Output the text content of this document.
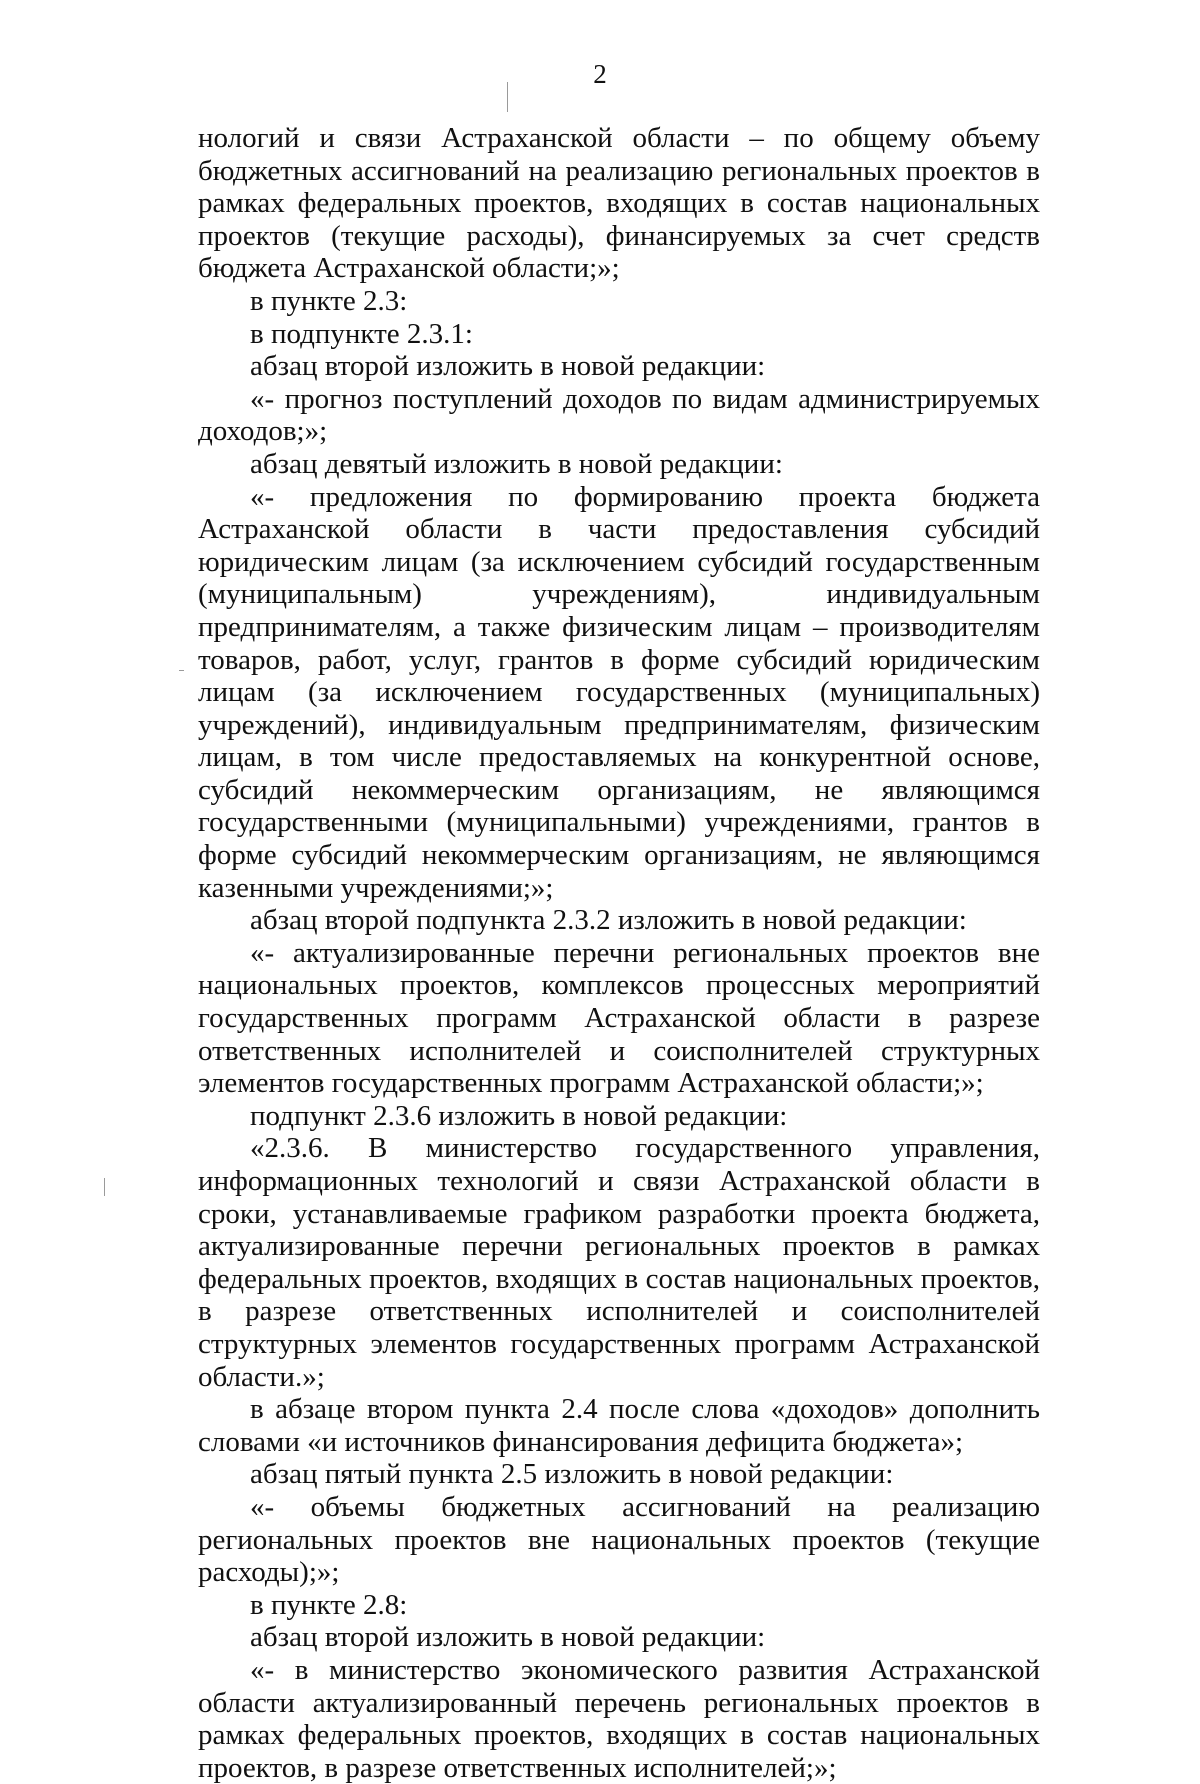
2

нологий и связи Астраханской области – по общему объему бюджетных ассигнований на реализацию региональных проектов в рамках федеральных проектов, входящих в состав национальных проектов (текущие расходы), финансируемых за счет средств бюджета Астраханской области;»;

в пункте 2.3:

в подпункте 2.3.1:

абзац второй изложить в новой редакции:

«- прогноз поступлений доходов по видам администрируемых доходов;»;

абзац девятый изложить в новой редакции:

«- предложения по формированию проекта бюджета Астраханской области в части предоставления субсидий юридическим лицам (за исключением субсидий государственным (муниципальным) учреждениям), индивидуальным предпринимателям, а также физическим лицам – производителям товаров, работ, услуг, грантов в форме субсидий юридическим лицам (за исключением государственных (муниципальных) учреждений), индивидуальным предпринимателям, физическим лицам, в том числе предоставляемых на конкурентной основе, субсидий некоммерческим организациям, не являющимся государственными (муниципальными) учреждениями, грантов в форме субсидий некоммерческим организациям, не являющимся казенными учреждениями;»;

абзац второй подпункта 2.3.2 изложить в новой редакции:

«- актуализированные перечни региональных проектов вне национальных проектов, комплексов процессных мероприятий государственных программ Астраханской области в разрезе ответственных исполнителей и соисполнителей структурных элементов государственных программ Астраханской области;»;

подпункт 2.3.6 изложить в новой редакции:

«2.3.6. В министерство государственного управления, информационных технологий и связи Астраханской области в сроки, устанавливаемые графиком разработки проекта бюджета, актуализированные перечни региональных проектов в рамках федеральных проектов, входящих в состав национальных проектов, в разрезе ответственных исполнителей и соисполнителей структурных элементов государственных программ Астраханской области.»;

в абзаце втором пункта 2.4 после слова «доходов» дополнить словами «и источников финансирования дефицита бюджета»;

абзац пятый пункта 2.5 изложить в новой редакции:

«- объемы бюджетных ассигнований на реализацию региональных проектов вне национальных проектов (текущие расходы);»;

в пункте 2.8:

абзац второй изложить в новой редакции:

«- в министерство экономического развития Астраханской области актуализированный перечень региональных проектов в рамках федеральных проектов, входящих в состав национальных проектов, в разрезе ответственных исполнителей;»;
